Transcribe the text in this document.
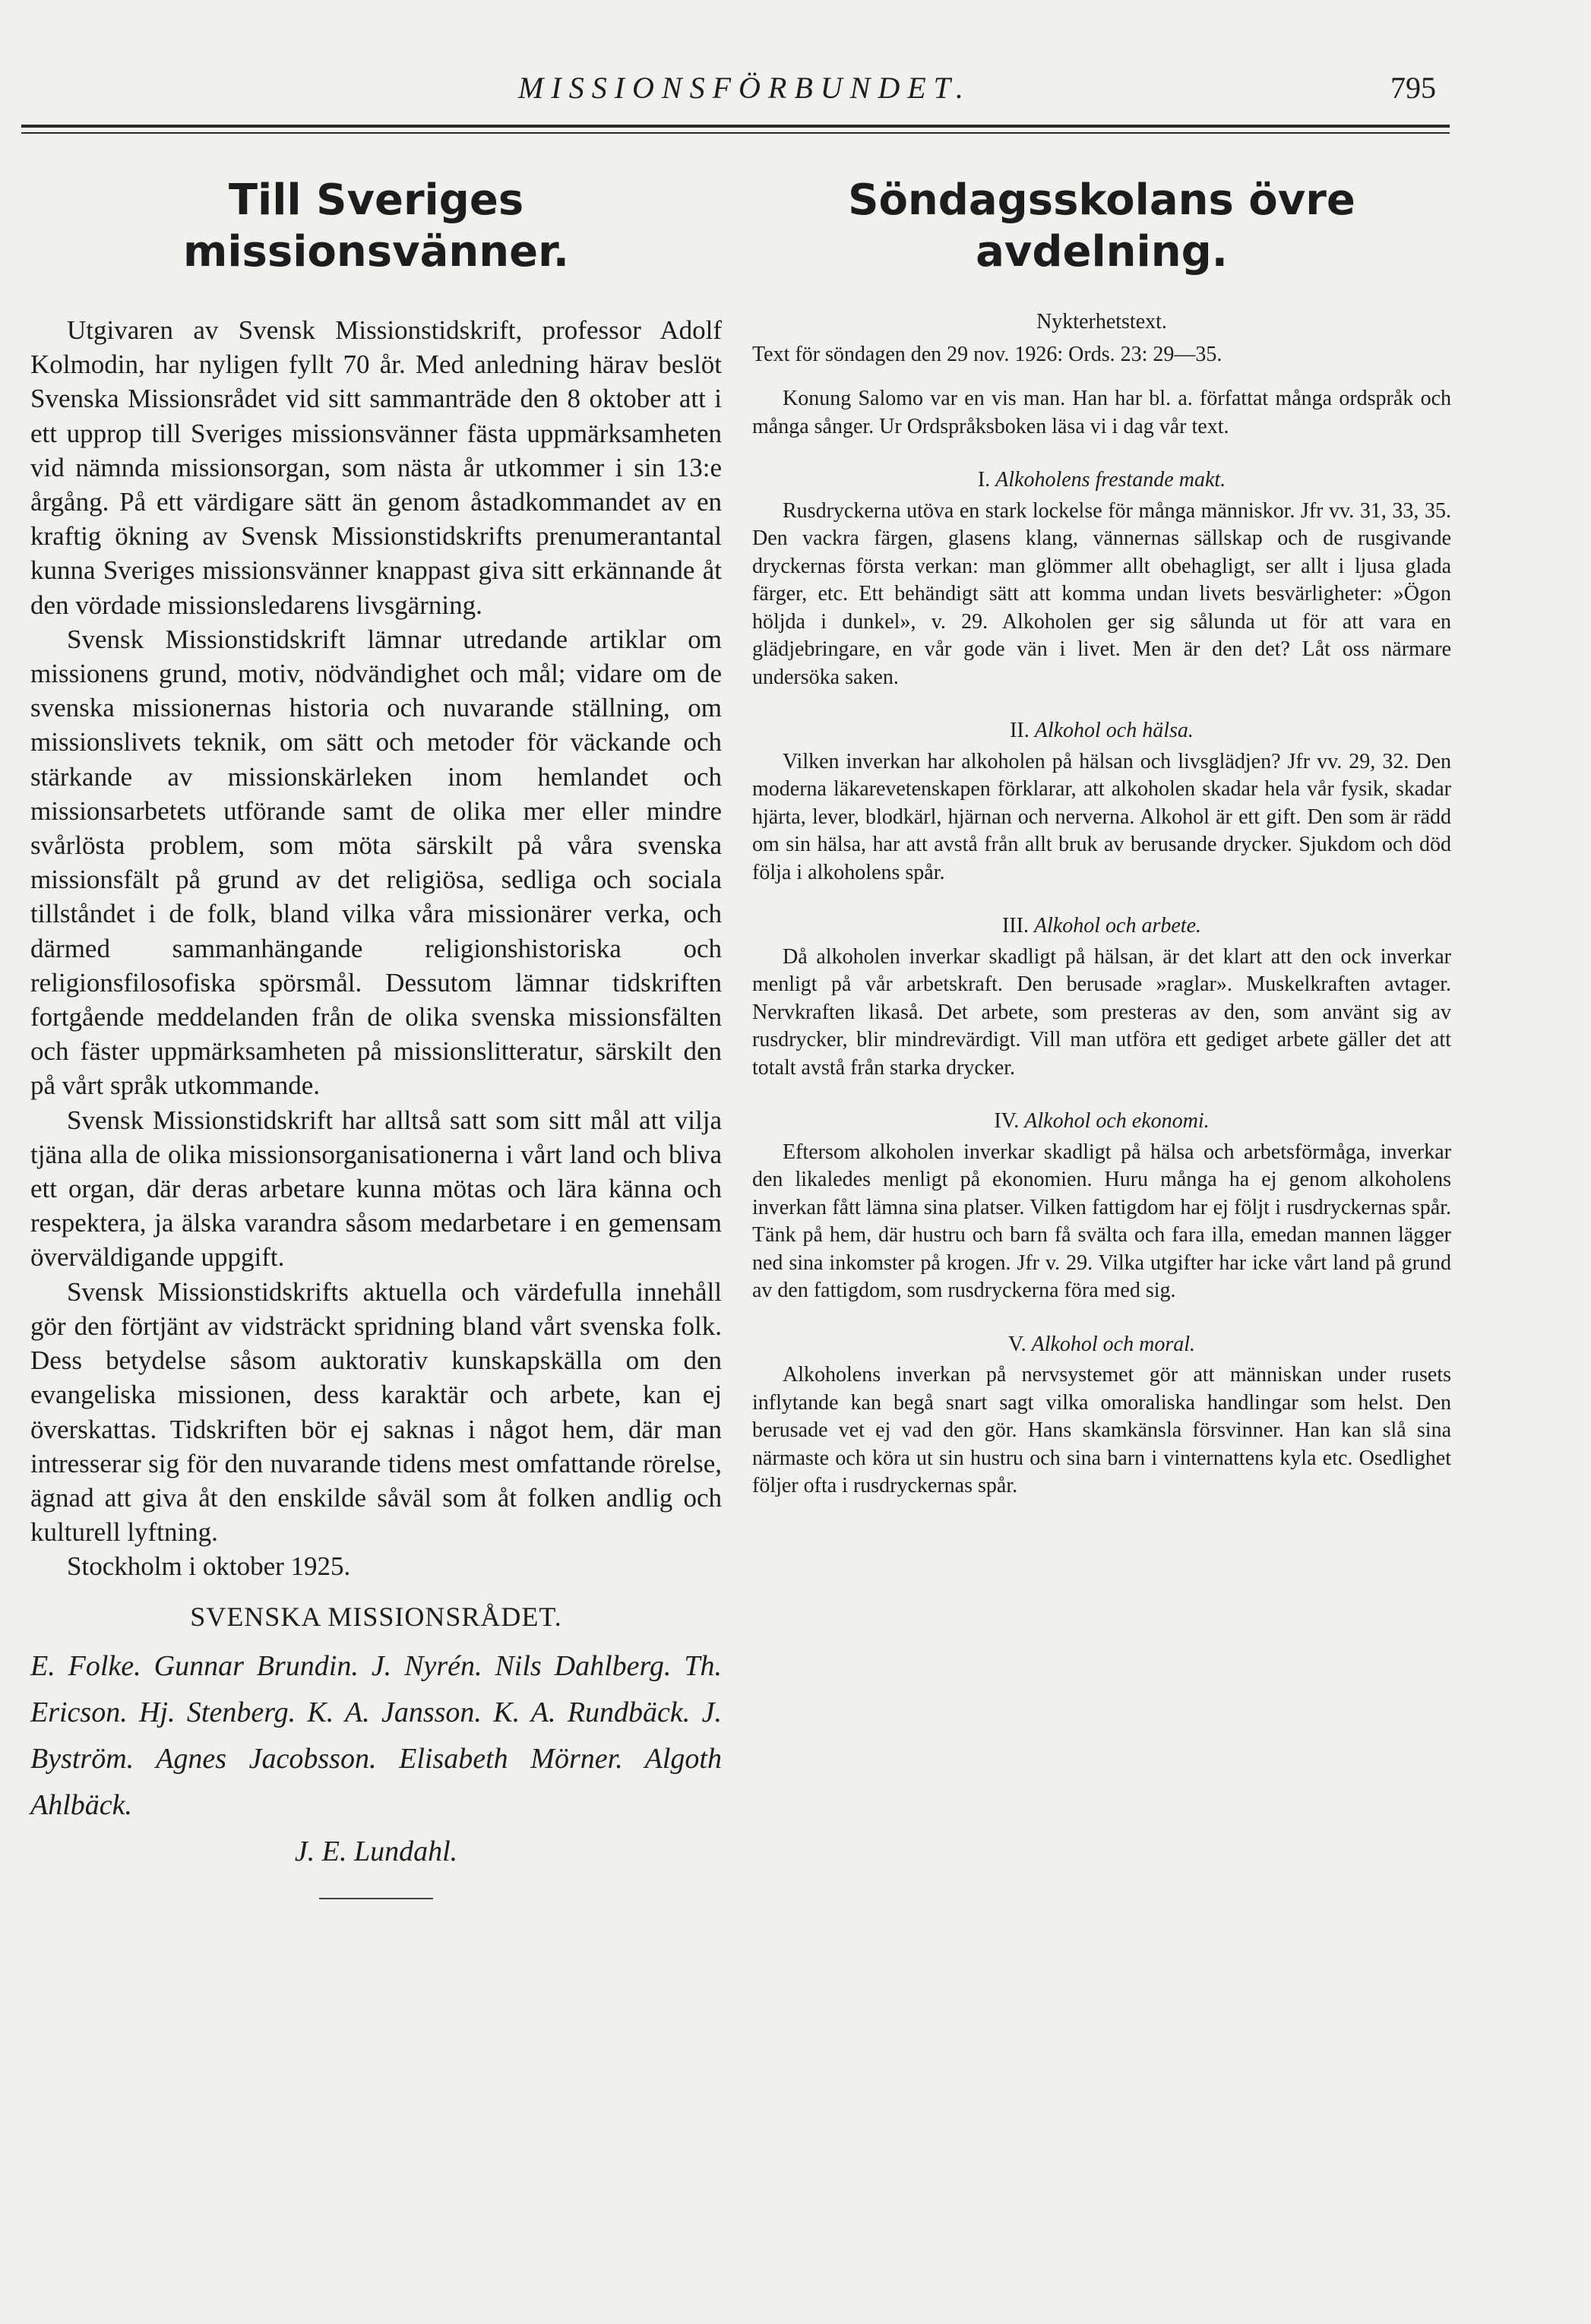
MISSIONSFÖRBUNDET.	795
Till Sveriges
missionsvänner.

Utgivaren av Svensk Missionstidskrift, professor Adolf Kolmodin, har nyligen fyllt 70 år. Med anledning härav beslöt Svenska Missionsrådet vid sitt sammanträde den 8 oktober att i ett upprop till Sveriges missionsvänner fästa uppmärksamheten vid nämnda missionsorgan, som nästa år utkommer i sin 13:e årgång. På ett värdigare sätt än genom åstadkommandet av en kraftig ökning av Svensk Missionstidskrifts prenumerantantal kunna Sveriges missionsvänner knappast giva sitt erkännande åt den vördade missionsledarens livsgärning.

Svensk Missionstidskrift lämnar utredande artiklar om missionens grund, motiv, nödvändighet och mål; vidare om de svenska missionernas historia och nuvarande ställning, om missionslivets teknik, om sätt och metoder för väckande och stärkande av missionskärleken inom hemlandet och missionsarbetets utförande samt de olika mer eller mindre svårlösta problem, som möta särskilt på våra svenska missionsfält på grund av det religiösa, sedliga och sociala tillståndet i de folk, bland vilka våra missionärer verka, och därmed sammanhängande religionshistoriska och religionsfilosofiska spörsmål. Dessutom lämnar tidskriften fortgående meddelanden från de olika svenska missionsfälten och fäster uppmärksamheten på missionslitteratur, särskilt den på vårt språk utkommande.

Svensk Missionstidskrift har alltså satt som sitt mål att vilja tjäna alla de olika missionsorganisationerna i vårt land och bliva ett organ, där deras arbetare kunna mötas och lära känna och respektera, ja älska varandra såsom medarbetare i en gemensam överväldigande uppgift.

Svensk Missionstidskrifts aktuella och värdefulla innehåll gör den förtjänt av vidsträckt spridning bland vårt svenska folk. Dess betydelse såsom auktorativ kunskapskälla om den evangeliska missionen, dess karaktär och arbete, kan ej överskattas. Tidskriften bör ej saknas i något hem, där man intresserar sig för den nuvarande tidens mest omfattande rörelse, ägnad att giva åt den enskilde såväl som åt folken andlig och kulturell lyftning.

Stockholm i oktober 1925.

SVENSKA MISSIONSRÅDET.
E. Folke. Gunnar Brundin. J. Nyrén. Nils Dahlberg. Th. Ericson. Hj. Stenberg. K. A. Jansson. K. A. Rundbäck. J. Byström. Agnes Jacobsson. Elisabeth Mörner. Algoth Ahlbäck.
J. E. Lundahl.
Söndagsskolans övre
avdelning.

Nykterhetstext.

Text för söndagen den 29 nov. 1926: Ords. 23: 29—35.

Konung Salomo var en vis man. Han har bl. a. författat många ordspråk och många sånger. Ur Ordspråksboken läsa vi i dag vår text.

I. Alkoholens frestande makt.

Rusdryckerna utöva en stark lockelse för många människor. Jfr vv. 31, 33, 35. Den vackra färgen, glasens klang, vännernas sällskap och de rusgivande dryckernas första verkan: man glömmer allt obehagligt, ser allt i ljusa glada färger, etc. Ett behändigt sätt att komma undan livets besvärligheter: »Ögon höljda i dunkel», v. 29. Alkoholen ger sig sålunda ut för att vara en glädjebringare, en vår gode vän i livet. Men är den det? Låt oss närmare undersöka saken.

II. Alkohol och hälsa.

Vilken inverkan har alkoholen på hälsan och livsglädjen? Jfr vv. 29, 32. Den moderna läkarevetenskapen förklarar, att alkoholen skadar hela vår fysik, skadar hjärta, lever, blodkärl, hjärnan och nerverna. Alkohol är ett gift. Den som är rädd om sin hälsa, har att avstå från allt bruk av berusande drycker. Sjukdom och död följa i alkoholens spår.

III. Alkohol och arbete.

Då alkoholen inverkar skadligt på hälsan, är det klart att den ock inverkar menligt på vår arbetskraft. Den berusade »raglar». Muskelkraften avtager. Nervkraften likaså. Det arbete, som presteras av den, som använt sig av rusdrycker, blir mindrevärdigt. Vill man utföra ett gediget arbete gäller det att totalt avstå från starka drycker.

IV. Alkohol och ekonomi.

Eftersom alkoholen inverkar skadligt på hälsa och arbetsförmåga, inverkar den likaledes menligt på ekonomien. Huru många ha ej genom alkoholens inverkan fått lämna sina platser. Vilken fattigdom har ej följt i rusdryckernas spår. Tänk på hem, där hustru och barn få svälta och fara illa, emedan mannen lägger ned sina inkomster på krogen. Jfr v. 29. Vilka utgifter har icke vårt land på grund av den fattigdom, som rusdryckerna föra med sig.

V. Alkohol och moral.

Alkoholens inverkan på nervsystemet gör att människan under rusets inflytande kan begå snart sagt vilka omoraliska handlingar som helst. Den berusade vet ej vad den gör. Hans skamkänsla försvinner. Han kan slå sina närmaste och köra ut sin hustru och sina barn i vinternattens kyla etc. Osedlighet följer ofta i rusdryckernas spår.
